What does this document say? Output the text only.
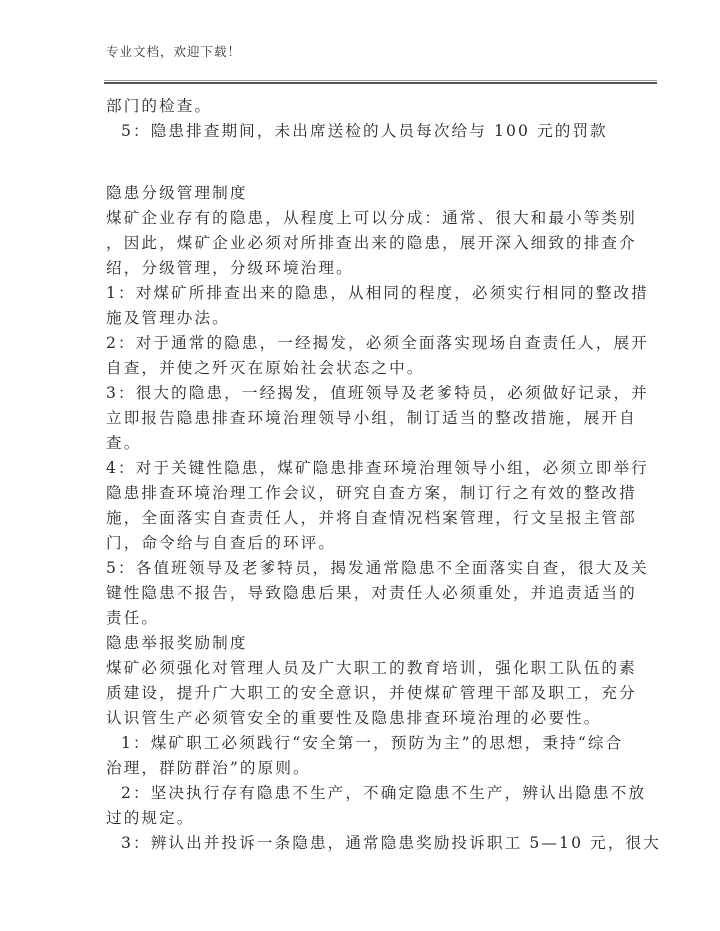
专业文档，欢迎下载！
部门的检查。
5：隐患排查期间，未出席送检的人员每次给与 100 元的罚款
隐患分级管理制度
煤矿企业存有的隐患，从程度上可以分成：通常、很大和最小等类别
，因此，煤矿企业必须对所排查出来的隐患，展开深入细致的排查介
绍，分级管理，分级环境治理。
1：对煤矿所排查出来的隐患，从相同的程度，必须实行相同的整改措
施及管理办法。
2：对于通常的隐患，一经揭发，必须全面落实现场自查责任人，展开
自查，并使之歼灭在原始社会状态之中。
3：很大的隐患，一经揭发，值班领导及老爹特员，必须做好记录，并
立即报告隐患排查环境治理领导小组，制订适当的整改措施，展开自
查。
4：对于关键性隐患，煤矿隐患排查环境治理领导小组，必须立即举行
隐患排查环境治理工作会议，研究自查方案，制订行之有效的整改措
施，全面落实自查责任人，并将自查情况档案管理，行文呈报主管部
门，命令给与自查后的环评。
5：各值班领导及老爹特员，揭发通常隐患不全面落实自查，很大及关
键性隐患不报告，导致隐患后果，对责任人必须重处，并追责适当的
责任。
隐患举报奖励制度
煤矿必须强化对管理人员及广大职工的教育培训，强化职工队伍的素
质建设，提升广大职工的安全意识，并使煤矿管理干部及职工，充分
认识管生产必须管安全的重要性及隐患排查环境治理的必要性。
1：煤矿职工必须践行“安全第一，预防为主”的思想，秉持“综合
治理，群防群治”的原则。
2：坚决执行存有隐患不生产，不确定隐患不生产，辨认出隐患不放
过的规定。
3：辨认出并投诉一条隐患，通常隐患奖励投诉职工 5—10 元，很大
